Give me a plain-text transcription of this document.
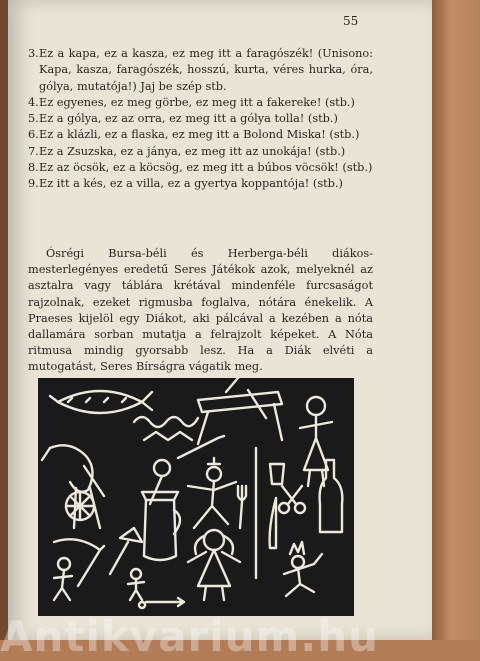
55
3. Ez a kapa, ez a kasza, ez meg itt a faragószék! (Unisono: Kapa, kasza, faragószék, hosszú, kurta, véres hurka, óra, gólya, mutatója!) Jaj be szép stb.
4. Ez egyenes, ez meg görbe, ez meg itt a fakereke! (stb.)
5. Ez a gólya, ez az orra, ez meg itt a gólya tolla! (stb.)
6. Ez a klázli, ez a flaska, ez meg itt a Bolond Miska! (stb.)
7. Ez a Zsuzska, ez a jánya, ez meg itt az unokája! (stb.)
8. Ez az öcsök, ez a köcsög, ez meg itt a búbos vöcsök! (stb.)
9. Ez itt a kés, ez a villa, ez a gyertya koppantója! (stb.)

Ósrégi Bursa-béli és Herberga-béli diákos-mesterlegényes eredetű Seres Játékok azok, melyeknél az asztalra vagy táblára krétával mindenféle furcsaságot rajzolnak, ezeket rigmusba foglalva, nótára énekelik. A Praeses kijelöl egy Diákot, aki pálcával a kezében a nóta dallamára sorban mutatja a felrajzolt képeket. A Nóta ritmusa mindig gyorsabb lesz. Ha a Diák elvéti a mutogatást, Seres Bírságra vágatik meg.

Antikvarium.hu
